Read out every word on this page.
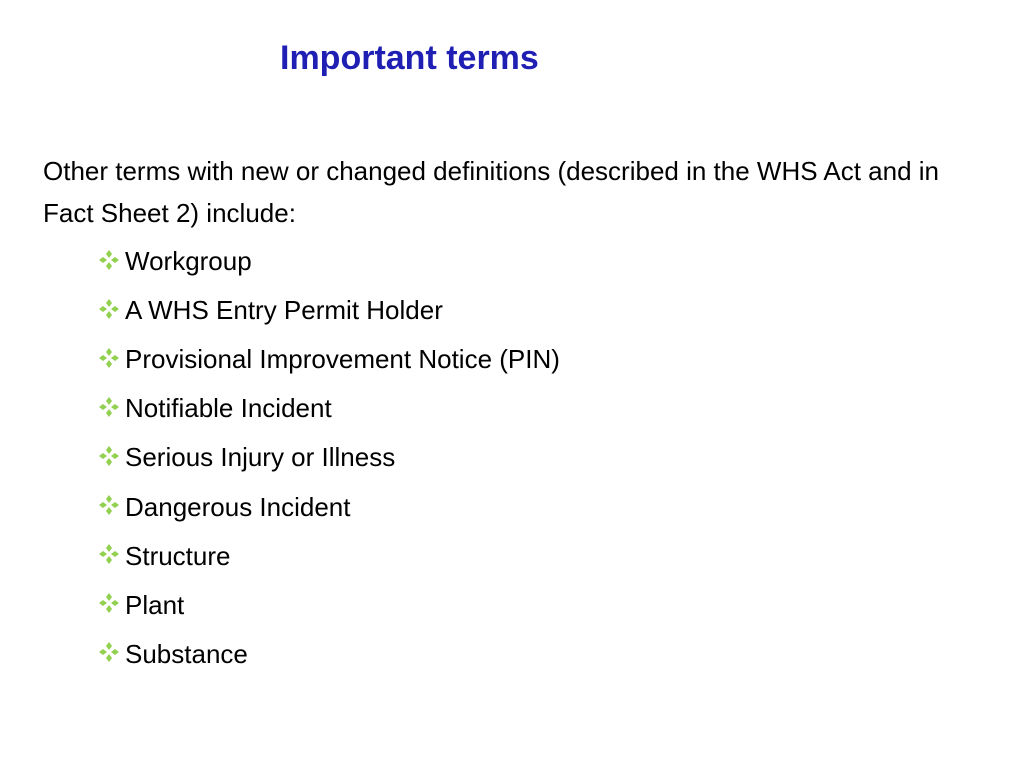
Important terms

Other terms with new or changed definitions (described in the WHS Act and in Fact Sheet 2) include:

Workgroup
A WHS Entry Permit Holder
Provisional Improvement Notice (PIN)
Notifiable Incident
Serious Injury or Illness
Dangerous Incident
Structure
Plant
Substance
